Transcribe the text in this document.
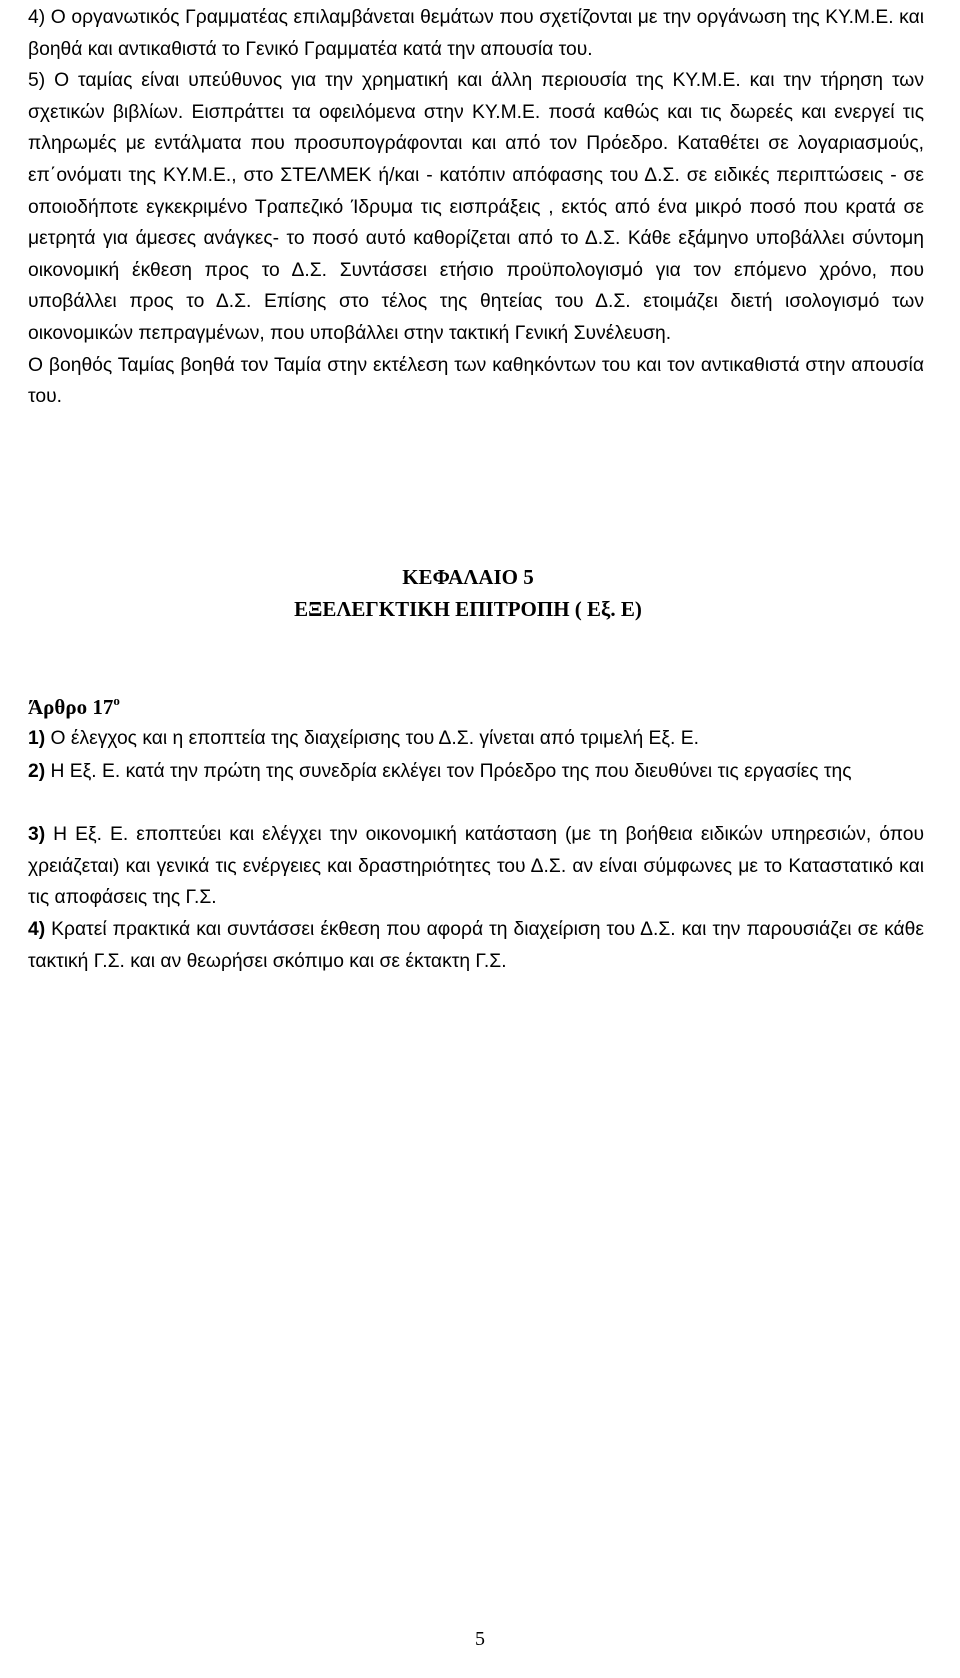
4) Ο οργανωτικός Γραμματέας επιλαμβάνεται θεμάτων που σχετίζονται με την οργάνωση της ΚΥ.Μ.Ε. και βοηθά και αντικαθιστά το Γενικό Γραμματέα κατά την απουσία του.

5) Ο ταμίας είναι υπεύθυνος για την χρηματική και άλλη περιουσία της ΚΥ.Μ.Ε. και την τήρηση των σχετικών βιβλίων. Εισπράττει τα οφειλόμενα στην ΚΥ.Μ.Ε. ποσά καθώς και τις δωρεές και ενεργεί τις πληρωμές με εντάλματα που προσυπογράφονται και από τον Πρόεδρο. Καταθέτει σε λογαριασμούς, επ΄ονόματι της ΚΥ.Μ.Ε., στο ΣΤΕΛΜΕΚ ή/και - κατόπιν απόφασης του Δ.Σ. σε ειδικές περιπτώσεις - σε οποιοδήποτε εγκεκριμένο Τραπεζικό Ίδρυμα τις εισπράξεις , εκτός από ένα μικρό ποσό που κρατά σε μετρητά για άμεσες ανάγκες- το ποσό αυτό καθορίζεται από το Δ.Σ. Κάθε εξάμηνο υποβάλλει σύντομη οικονομική έκθεση προς το Δ.Σ. Συντάσσει ετήσιο προϋπολογισμό για τον επόμενο χρόνο, που υποβάλλει προς το Δ.Σ. Επίσης στο τέλος της θητείας του Δ.Σ. ετοιμάζει διετή ισολογισμό των οικονομικών πεπραγμένων, που υποβάλλει στην τακτική Γενική Συνέλευση.

Ο βοηθός Ταμίας βοηθά τον Ταμία στην εκτέλεση των καθηκόντων του και τον αντικαθιστά στην απουσία του.

ΚΕΦΑΛΑΙΟ 5
ΕΞΕΛΕΓΚΤΙΚΗ ΕΠΙΤΡΟΠΗ ( Εξ. Ε)
Άρθρο $17^o$
1) Ο έλεγχος και η εποπτεία της διαχείρισης του Δ.Σ. γίνεται από τριμελή Εξ. Ε.
2) Η Εξ. Ε. κατά την πρώτη της συνεδρία εκλέγει τον Πρόεδρο της που διευθύνει τις εργασίες της
3) Η Εξ. Ε. εποπτεύει και ελέγχει την οικονομική κατάσταση (με τη βοήθεια ειδικών υπηρεσιών, όπου χρειάζεται) και γενικά τις ενέργειες και δραστηριότητες του Δ.Σ. αν είναι σύμφωνες με το Καταστατικό και τις αποφάσεις της Γ.Σ.
4) Κρατεί πρακτικά και συντάσσει έκθεση που αφορά τη διαχείριση του Δ.Σ. και την παρουσιάζει σε κάθε τακτική Γ.Σ. και αν θεωρήσει σκόπιμο και σε έκτακτη Γ.Σ.
5
